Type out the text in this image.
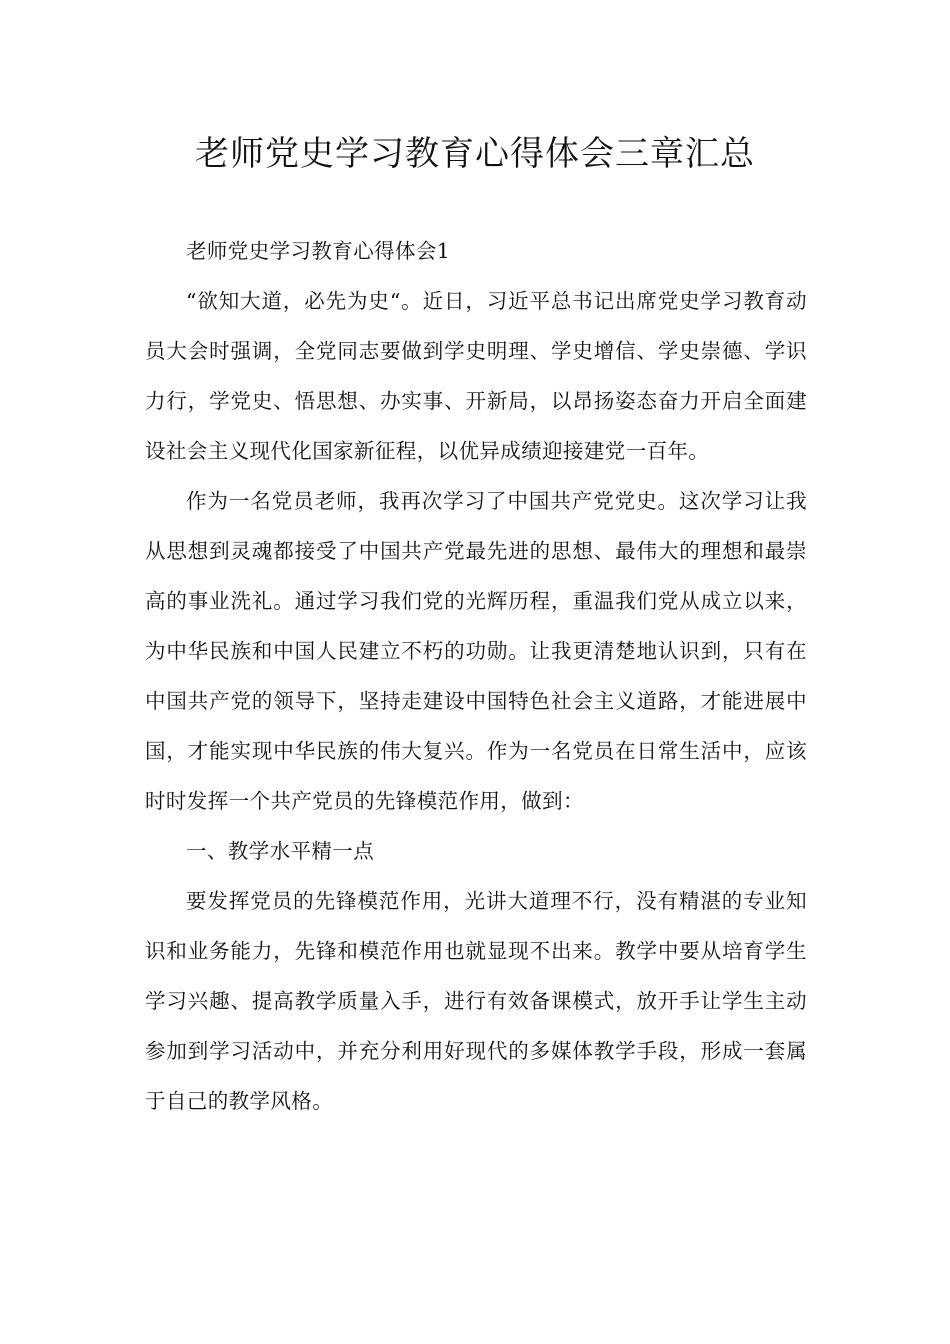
老师党史学习教育心得体会三章汇总

老师党史学习教育心得体会1

“欲知大道，必先为史“。近日，习近平总书记出席党史学习教育动员大会时强调，全党同志要做到学史明理、学史增信、学史崇德、学识力行，学党史、悟思想、办实事、开新局，以昂扬姿态奋力开启全面建设社会主义现代化国家新征程，以优异成绩迎接建党一百年。

作为一名党员老师，我再次学习了中国共产党党史。这次学习让我从思想到灵魂都接受了中国共产党最先进的思想、最伟大的理想和最崇高的事业洗礼。通过学习我们党的光辉历程，重温我们党从成立以来，为中华民族和中国人民建立不朽的功勋。让我更清楚地认识到，只有在中国共产党的领导下，坚持走建设中国特色社会主义道路，才能进展中国，才能实现中华民族的伟大复兴。作为一名党员在日常生活中，应该时时发挥一个共产党员的先锋模范作用，做到：

一、教学水平精一点

要发挥党员的先锋模范作用，光讲大道理不行，没有精湛的专业知识和业务能力，先锋和模范作用也就显现不出来。教学中要从培育学生学习兴趣、提高教学质量入手，进行有效备课模式，放开手让学生主动参加到学习活动中，并充分利用好现代的多媒体教学手段，形成一套属于自己的教学风格。
